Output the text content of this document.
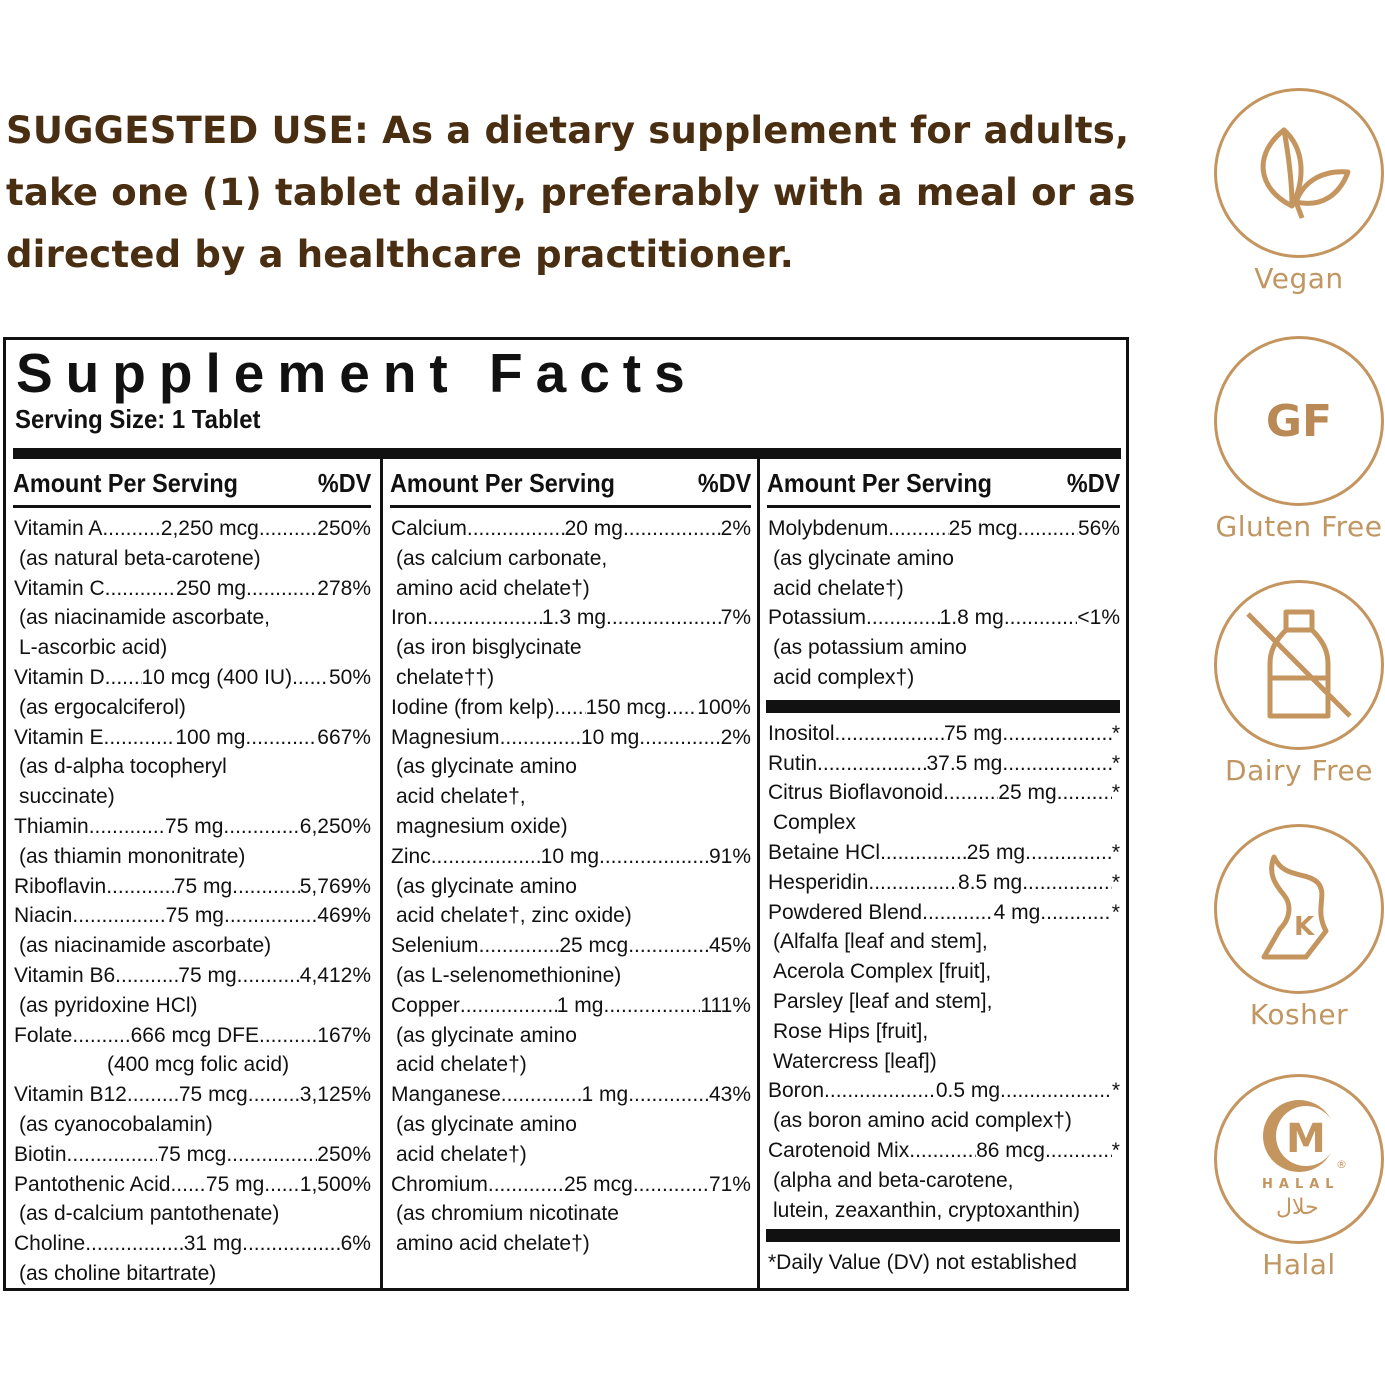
SUGGESTED USE: As a dietary supplement for adults,
take one (1) tablet daily, preferably with a meal or as
directed by a healthcare practitioner.
Supplement Facts
Serving Size: 1 Tablet
Amount Per Serving	%DV
Vitamin A .....	2,250 mcg .....	250%
(as natural beta-carotene)
Vitamin C .....	250 mg .....	278%
(as niacinamide ascorbate,
L-ascorbic acid)
Vitamin D ..... 10 mcg (400 IU) ..... 50%
(as ergocalciferol)
Vitamin E .....	100 mg .....	667%
(as d-alpha tocopheryl
succinate)
Thiamin .....	75 mg .....	6,250%
(as thiamin mononitrate)
Riboflavin .....	75 mg .....	5,769%
Niacin .....	75 mg .....	469%
(as niacinamide ascorbate)
Vitamin B6 .....	75 mg .....	4,412%
(as pyridoxine HCl)
Folate .....	666 mcg DFE .....	167%
(400 mcg folic acid)
Vitamin B12 ..... 75 mcg ..... 3,125%
(as cyanocobalamin)
Biotin .....	75 mcg .....	250%
Pantothenic Acid ..... 75 mg ..... 1,500%
(as d-calcium pantothenate)
Choline .....	31 mg .....	6%
(as choline bitartrate)
Amount Per Serving	%DV
Calcium .....	20 mg .....	2%
(as calcium carbonate,
amino acid chelate†)
Iron .....	1.3 mg .....	7%
(as iron bisglycinate
chelate††)
Iodine (from kelp) ..... 150 mcg ..... 100%
Magnesium .....	10 mg .....	2%
(as glycinate amino
acid chelate†,
magnesium oxide)
Zinc .....	10 mg .....	91%
(as glycinate amino
acid chelate†, zinc oxide)
Selenium .....	25 mcg .....	45%
(as L-selenomethionine)
Copper .....	1 mg .....	111%
(as glycinate amino
acid chelate†)
Manganese .....	1 mg .....	43%
(as glycinate amino
acid chelate†)
Chromium .....	25 mcg .....	71%
(as chromium nicotinate
amino acid chelate†)
Amount Per Serving	%DV
Molybdenum .....	25 mcg .....	56%
(as glycinate amino
acid chelate†)
Potassium .....	1.8 mg .....	<1%
(as potassium amino
acid complex†)
Inositol .....	75 mg .....	*
Rutin .....	37.5 mg .....	*
Citrus Bioflavonoid .....	25 mg .....	*
Complex
Betaine HCl .....	25 mg .....	*
Hesperidin .....	8.5 mg .....	*
Powdered Blend .....	4 mg .....	*
(Alfalfa [leaf and stem],
Acerola Complex [fruit],
Parsley [leaf and stem],
Rose Hips [fruit],
Watercress [leaf])
Boron .....	0.5 mg .....	*
(as boron amino acid complex†)
Carotenoid Mix .....	86 mcg .....	*
(alpha and beta-carotene,
lutein, zeaxanthin, cryptoxanthin)
*Daily Value (DV) not established
Vegan
GF
Gluten Free
Dairy Free
K
Kosher
M
®
HALAL
حلال
Halal
